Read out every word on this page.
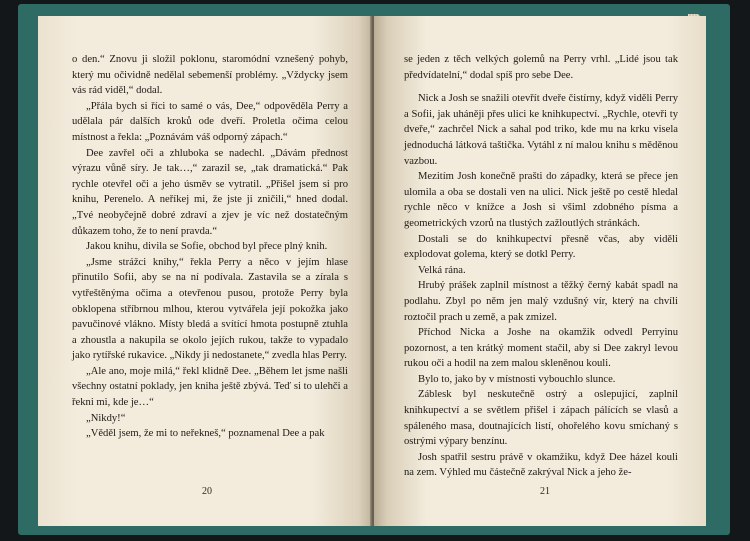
o den.“ Znovu ji složil poklonu, staromódní vznešený pohyb, který mu očividně nedělal sebemenší problémy. „Vždycky jsem vás rád viděl,“ dodal.

„Přála bych si říci to samé o vás, Dee,“ odpověděla Perry a udělala pár dalších kroků ode dveří. Proletla očima celou místnost a řekla: „Poznávám váš odporný zápach.“

Dee zavřel oči a zhluboka se nadechl. „Dávám přednost výrazu vůně síry. Je tak…,“ zarazil se, „tak dramatická.“ Pak rychle otevřel oči a jeho úsměv se vytratil. „Přišel jsem si pro knihu, Perenelo. A neříkej mi, že jste ji zničili,“ hned dodal. „Tvé neobyčejně dobré zdraví a zjev je víc než dostatečným důkazem toho, že to není pravda.“

Jakou knihu, divila se Sofie, obchod byl přece plný knih.

„Jsme strážci knihy,“ řekla Perry a něco v jejím hlase přinutilo Sofii, aby se na ní podívala. Zastavila se a zírala s vytřeštěnýma očima a otevřenou pusou, protože Perry byla obklopena stříbrnou mlhou, kterou vytvářela její pokožka jako pavučinové vlákno. Místy bledá a svítící hmota postupně ztuhla a zhoustla a nakupila se okolo jejích rukou, takže to vypadalo jako rytířské rukavice. „Nikdy ji nedostanete,“ zvedla hlas Perry.

„Ale ano, moje milá,“ řekl klidně Dee. „Během let jsme našli všechny ostatní poklady, jen kniha ještě zbývá. Teď si to ulehči a řekni mi, kde je…“

„Nikdy!“

„Věděl jsem, že mi to neřekneš,“ poznamenal Dee a pak

20

se jeden z těch velkých golemů na Perry vrhl. „Lidé jsou tak předvídatelní,“ dodal spíš pro sebe Dee.

Nick a Josh se snažili otevřít dveře čistírny, když viděli Perry a Sofii, jak uháněji přes ulici ke knihkupectví. „Rychle, otevři ty dveře,“ zachrčel Nick a sahal pod triko, kde mu na krku visela jednoduchá látková taštička. Vytáhl z ní malou knihu s měděnou vazbou.

Mezitím Josh konečně prašti do západky, která se přece jen ulomila a oba se dostali ven na ulici. Nick ještě po cestě hledal rychle něco v knížce a Josh si všiml zdobného písma a geometrických vzorů na tlustých zažloutlých stránkách.

Dostali se do knihkupectví přesně včas, aby viděli explodovat golema, který se dotkl Perry.

Velká rána.

Hrubý prášek zaplnil místnost a těžký černý kabát spadl na podlahu. Zbyl po něm jen malý vzdušný vír, který na chvíli roztočil prach u země, a pak zmizel.

Příchod Nicka a Joshe na okamžik odvedl Perryinu pozornost, a ten krátký moment stačil, aby si Dee zakryl levou rukou oči a hodil na zem malou skleněnou kouli.

Bylo to, jako by v místnosti vybouchlo slunce.

Záblesk byl neskutečně ostrý a oslepující, zaplnil knihkupectví a se světlem přišel i zápach pálících se vlasů a spáleného masa, doutnajících listí, ohořelého kovu smíchaný s ostrými výpary benzínu.

Josh spatřil sestru právě v okamžiku, když Dee házel kouli na zem. Výhled mu částečně zakrýval Nick a jeho že-

21
